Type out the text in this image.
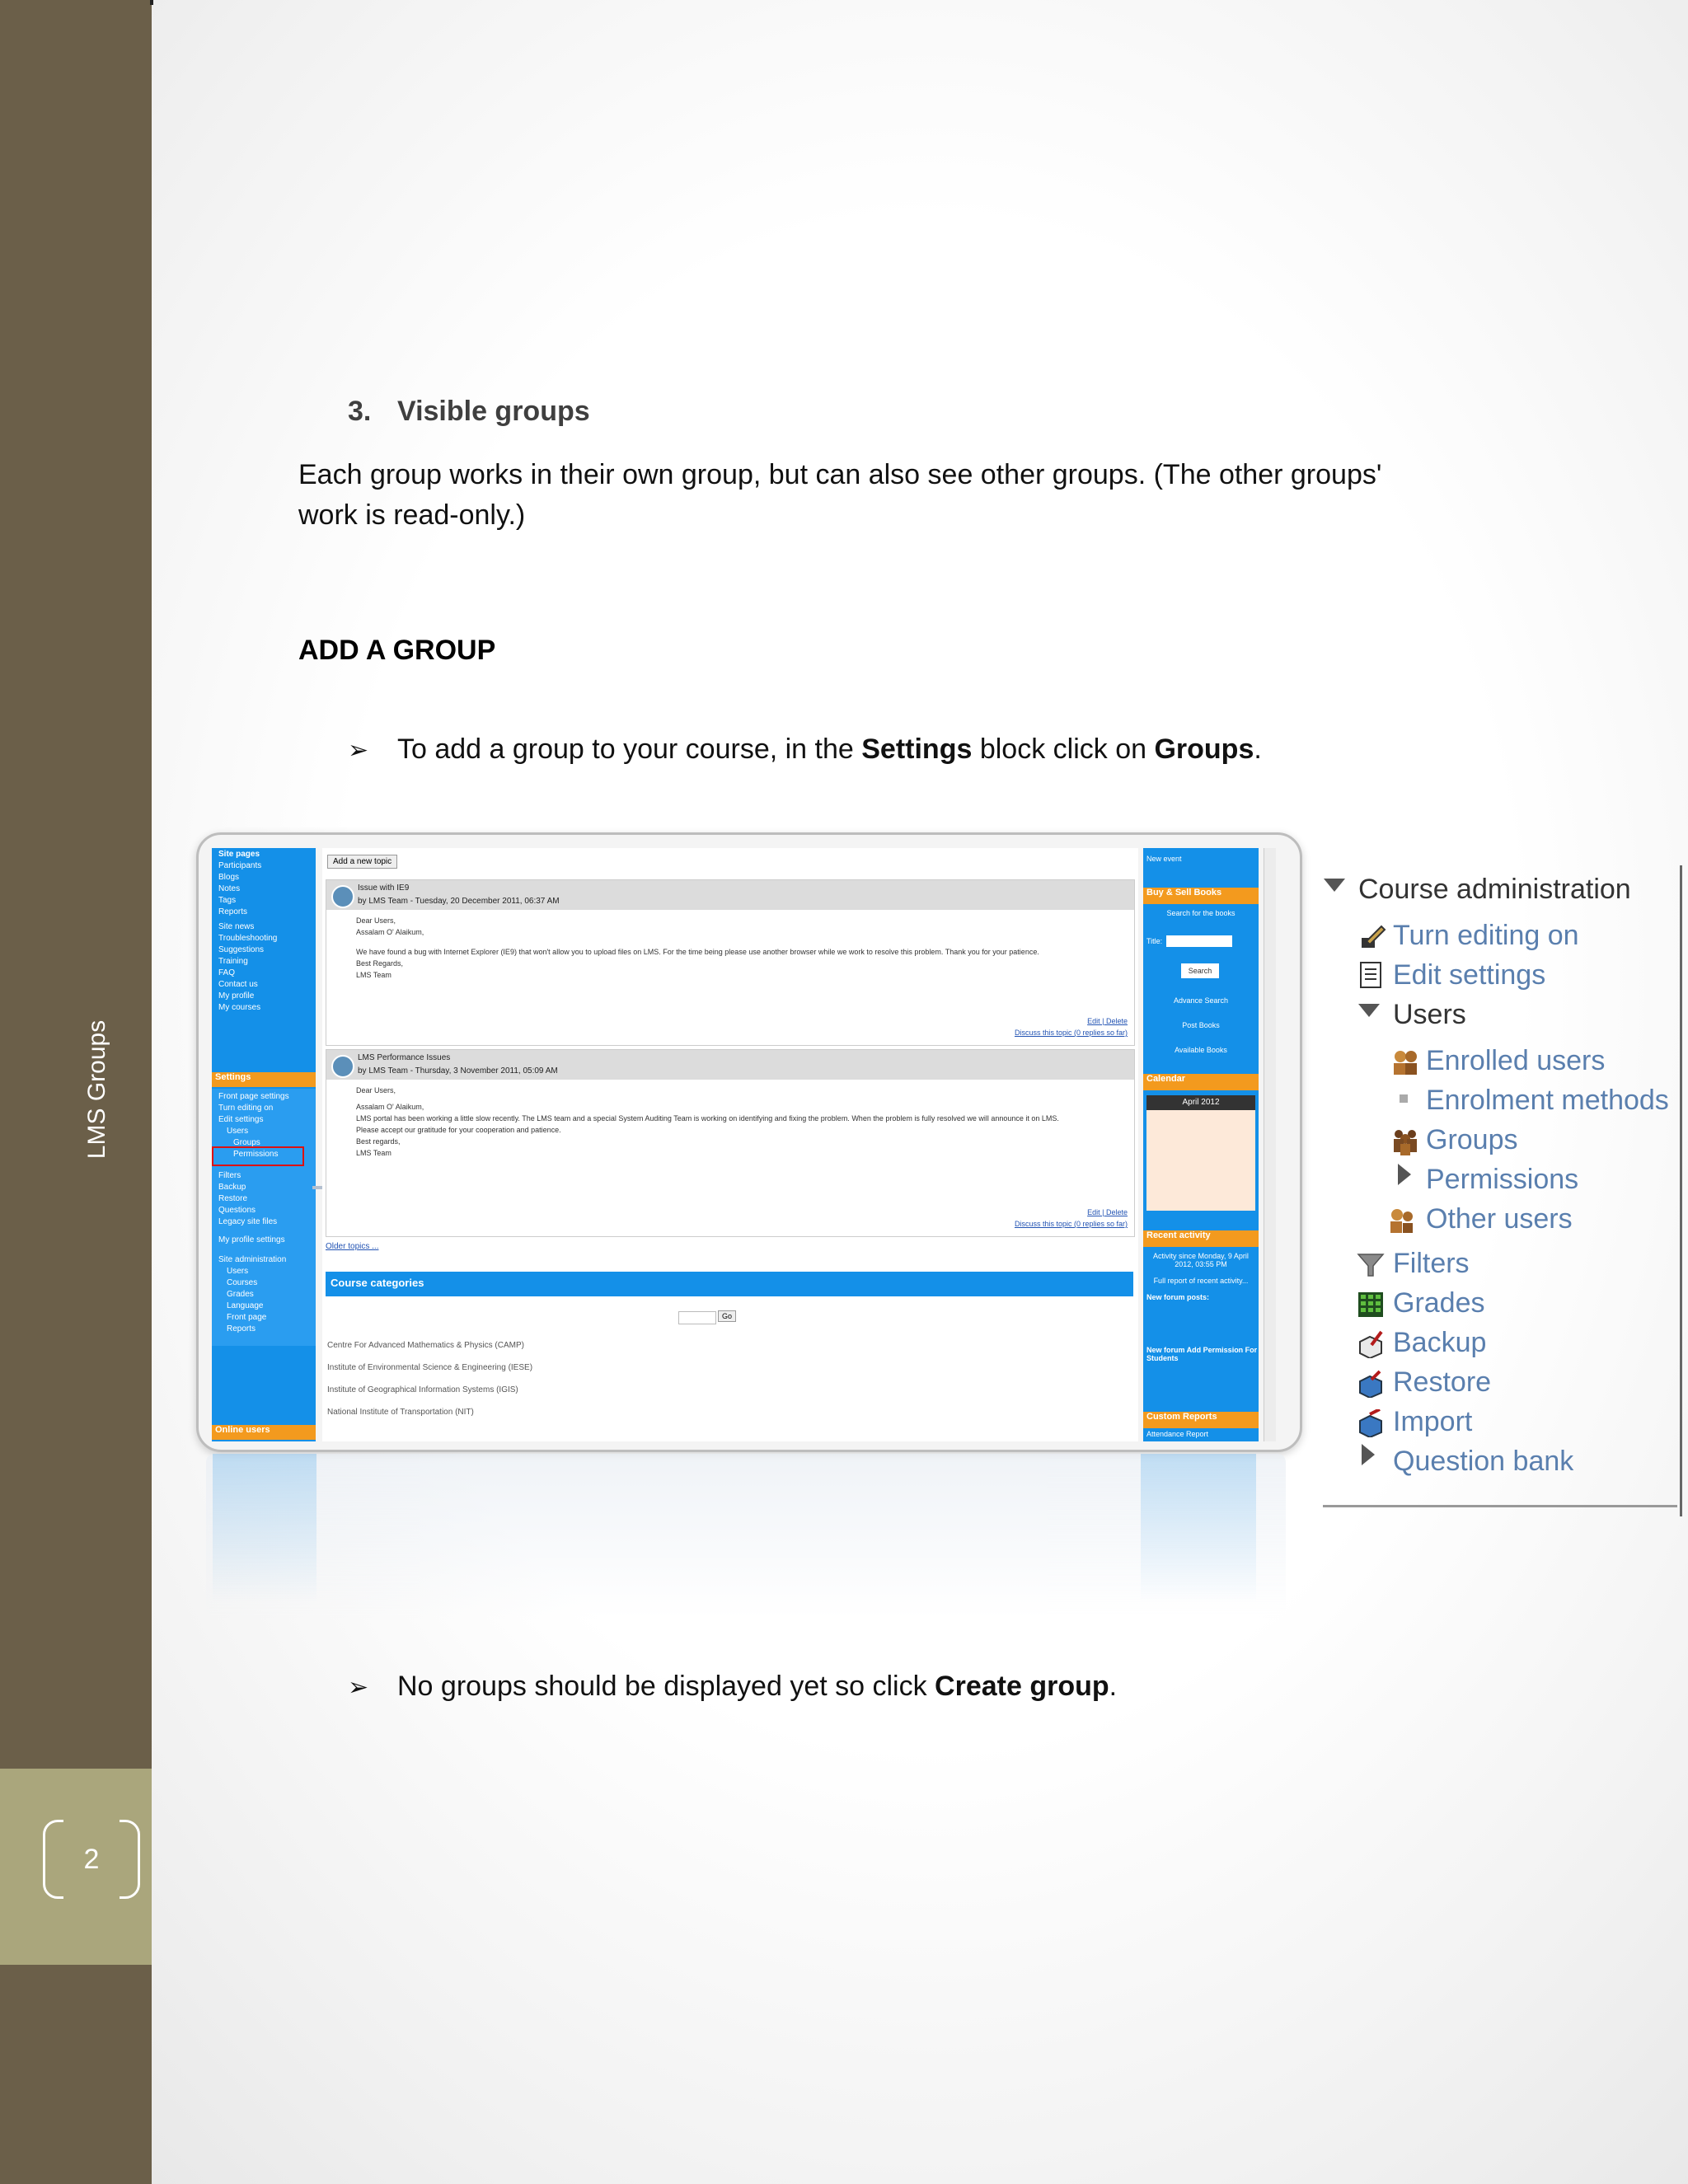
LMS Groups
2
3. Visible groups
Each group works in their own group, but can also see other groups. (The other groups' work is read-only.)
ADD A GROUP
➢ To add a group to your course, in the Settings block click on Groups.
Site pages
Participants
Blogs
Notes
Tags
Reports
Site news
Troubleshooting
Suggestions
Training
FAQ
Contact us
My profile
My courses
Settings
Front page settings
Turn editing on
Edit settings
Users
Groups
Permissions
Filters
Backup
Restore
Questions
Legacy site files
My profile settings
Site administration
Users
Courses
Grades
Language
Front page
Reports
Online users
Add a new topic
Issue with IE9
by LMS Team - Tuesday, 20 December 2011, 06:37 AM
Dear Users,
Assalam O' Alaikum,
We have found a bug with Internet Explorer (IE9) that won't allow you to upload files on LMS. For the time being please use another browser while we work to resolve this problem. Thank you for your patience.
Best Regards,
LMS Team
Edit | Delete
Discuss this topic (0 replies so far)
LMS Performance Issues
by LMS Team - Thursday, 3 November 2011, 05:09 AM
Dear Users,
Assalam O' Alaikum,
LMS portal has been working a little slow recently. The LMS team and a special System Auditing Team is working on identifying and fixing the problem. When the problem is fully resolved we will announce it on LMS.
Please accept our gratitude for your cooperation and patience.
Best regards,
LMS Team
Edit | Delete
Discuss this topic (0 replies so far)
Older topics ...
Course categories
Go
Centre For Advanced Mathematics & Physics (CAMP)
Institute of Environmental Science & Engineering (IESE)
Institute of Geographical Information Systems (IGIS)
National Institute of Transportation (NIT)
New event
Buy & Sell Books
Search for the books
Title:
Search
Advance Search
Post Books
Available Books
Calendar
April 2012
Recent activity
Activity since Monday, 9 April 2012, 03:55 PM
Full report of recent activity...
New forum posts:
New forum Add Permission For Students
Custom Reports
Attendance Report
Course administration
Turn editing on
Edit settings
Users
Enrolled users
Enrolment methods
Groups
Permissions
Other users
Filters
Grades
Backup
Restore
Import
Question bank
➢ No groups should be displayed yet so click Create group.
